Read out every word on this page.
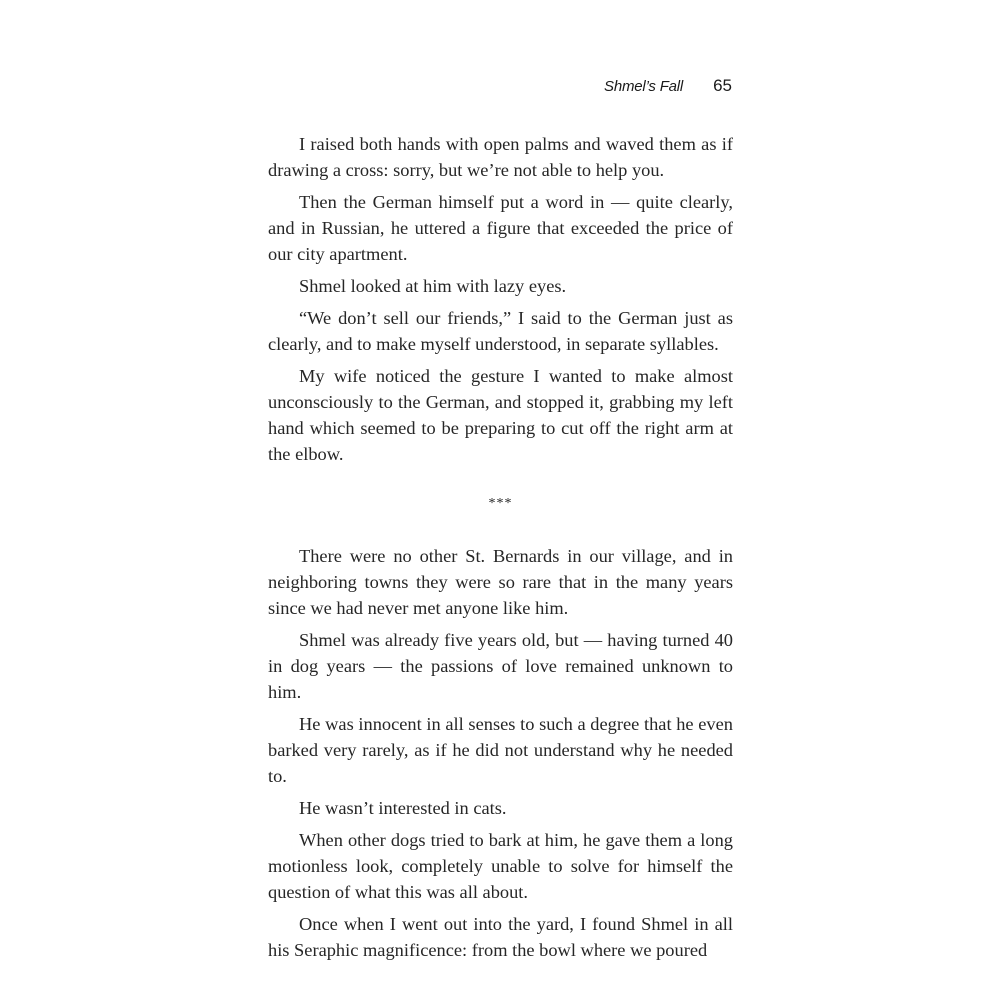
Shmel’s Fall 65

I raised both hands with open palms and waved them as if drawing a cross: sorry, but we’re not able to help you.

Then the German himself put a word in — quite clearly, and in Russian, he uttered a figure that exceeded the price of our city apartment.

Shmel looked at him with lazy eyes.

“We don’t sell our friends,” I said to the German just as clearly, and to make myself understood, in separate syllables.

My wife noticed the gesture I wanted to make almost unconsciously to the German, and stopped it, grabbing my left hand which seemed to be preparing to cut off the right arm at the elbow.

***

There were no other St. Bernards in our village, and in neighboring towns they were so rare that in the many years since we had never met anyone like him.

Shmel was already five years old, but — having turned 40 in dog years — the passions of love remained unknown to him.

He was innocent in all senses to such a degree that he even barked very rarely, as if he did not understand why he needed to.

He wasn’t interested in cats.

When other dogs tried to bark at him, he gave them a long motionless look, completely unable to solve for himself the question of what this was all about.

Once when I went out into the yard, I found Shmel in all his Seraphic magnificence: from the bowl where we poured
